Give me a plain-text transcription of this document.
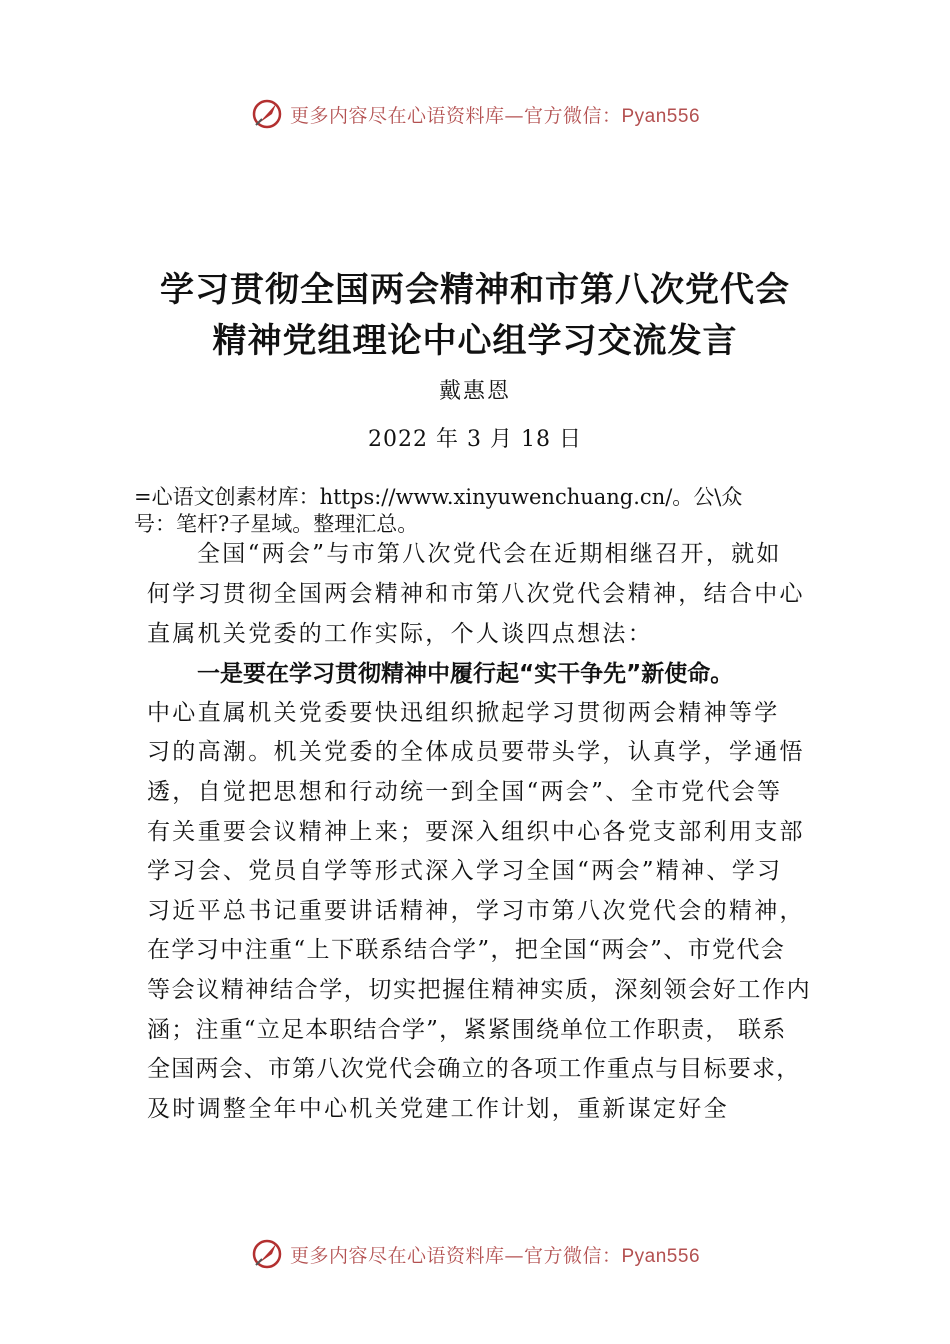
更多内容尽在心语资料库—官方微信：Pyan556
学习贯彻全国两会精神和市第八次党代会
精神党组理论中心组学习交流发言
戴惠恩
2022 年 3 月 18 日
=心语文创素材库：https://www.xinyuwenchuang.cn/。公\众
号：笔杆?子星域。整理汇总。
全国“两会”与市第八次党代会在近期相继召开，就如
何学习贯彻全国两会精神和市第八次党代会精神，结合中心
直属机关党委的工作实际，个人谈四点想法：
一是要在学习贯彻精神中履行起“实干争先”新使命。
中心直属机关党委要快迅组织掀起学习贯彻两会精神等学
习的高潮。机关党委的全体成员要带头学，认真学，学通悟
透，自觉把思想和行动统一到全国“两会”、全市党代会等
有关重要会议精神上来；要深入组织中心各党支部利用支部
学习会、党员自学等形式深入学习全国“两会”精神、学习
习近平总书记重要讲话精神，学习市第八次党代会的精神，
在学习中注重“上下联系结合学”，把全国“两会”、市党代会
等会议精神结合学，切实把握住精神实质，深刻领会好工作内
涵；注重“立足本职结合学”，紧紧围绕单位工作职责， 联系
全国两会、市第八次党代会确立的各项工作重点与目标要求，
及时调整全年中心机关党建工作计划，重新谋定好全
更多内容尽在心语资料库—官方微信：Pyan556
